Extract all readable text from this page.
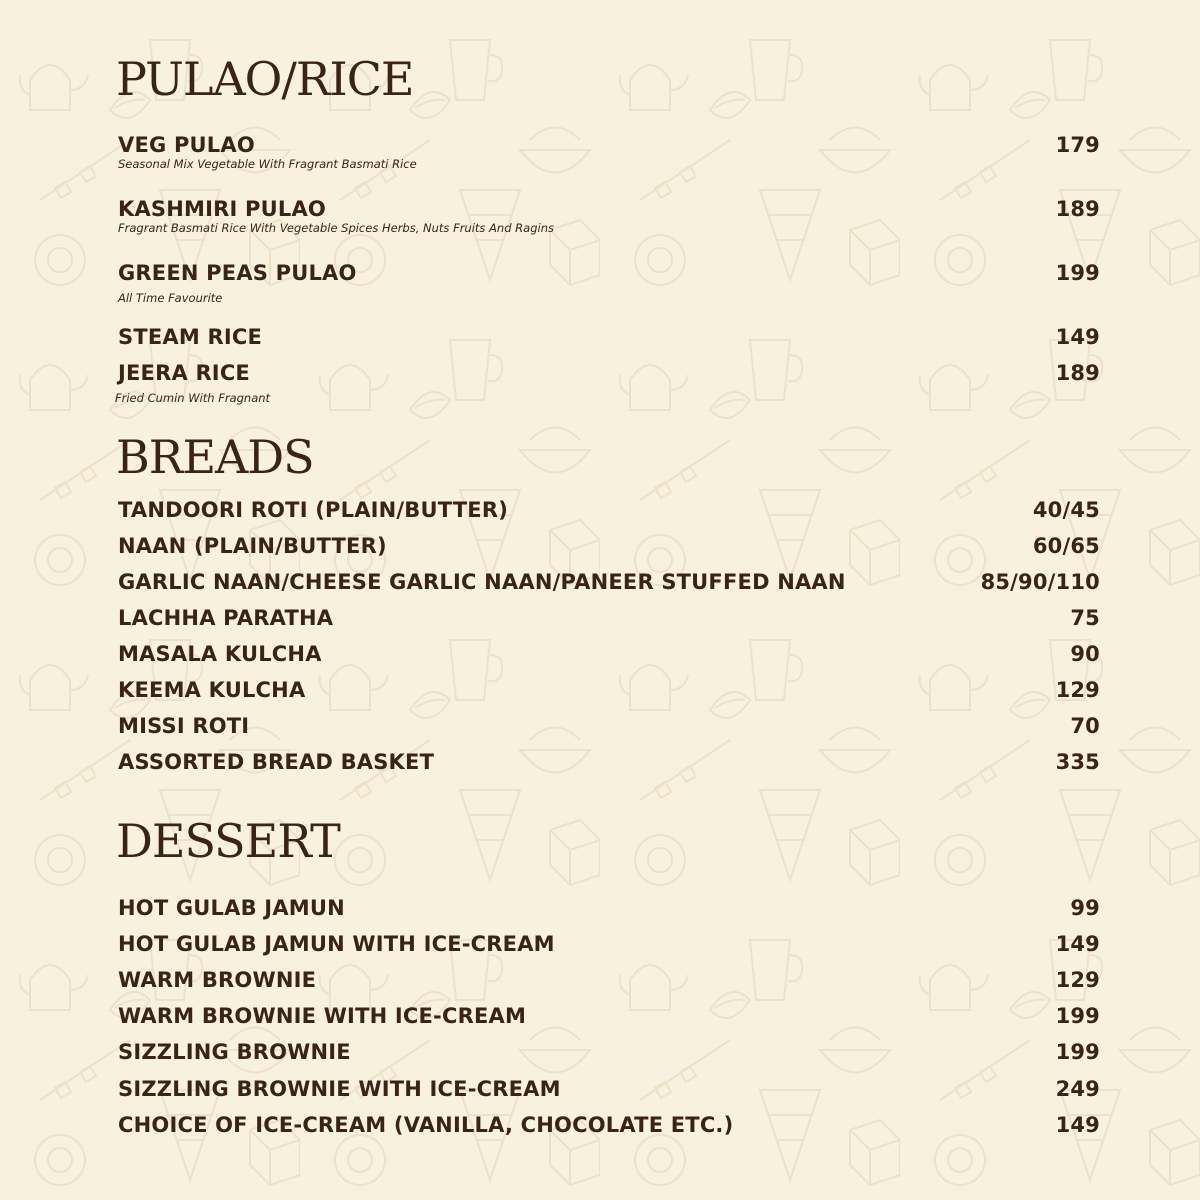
PULAO/RICE
VEG PULAO	179
Seasonal Mix Vegetable With Fragrant Basmati Rice
KASHMIRI PULAO	189
Fragrant Basmati Rice With Vegetable Spices Herbs, Nuts Fruits And Ragins
GREEN PEAS PULAO	199
All Time Favourite
STEAM RICE	149
JEERA RICE	189
Fried Cumin With Fragnant
BREADS
TANDOORI ROTI (PLAIN/BUTTER)	40/45
NAAN (PLAIN/BUTTER)	60/65
GARLIC NAAN/CHEESE GARLIC NAAN/PANEER STUFFED NAAN	85/90/110
LACHHA PARATHA	75
MASALA KULCHA	90
KEEMA KULCHA	129
MISSI ROTI	70
ASSORTED BREAD BASKET	335
DESSERT
HOT GULAB JAMUN	99
HOT GULAB JAMUN WITH ICE-CREAM	149
WARM BROWNIE	129
WARM BROWNIE WITH ICE-CREAM	199
SIZZLING BROWNIE	199
SIZZLING BROWNIE WITH ICE-CREAM	249
CHOICE OF ICE-CREAM (VANILLA, CHOCOLATE ETC.)	149
